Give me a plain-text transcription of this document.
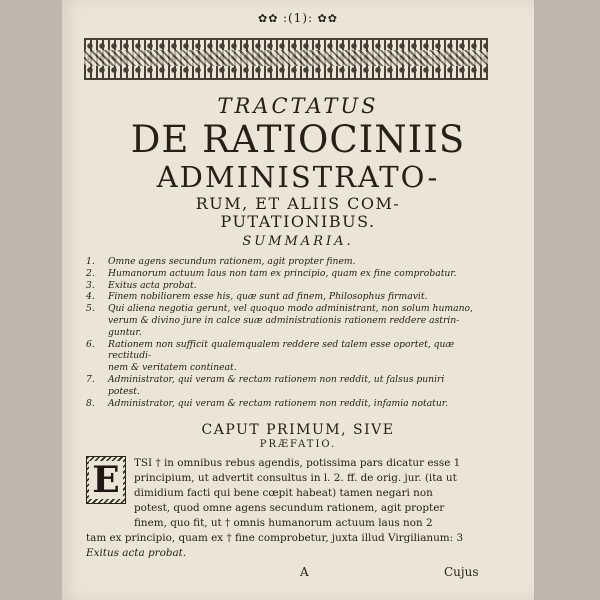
✿✿ :(1): ✿✿
TRACTATUS
DE RATIOCINIIS
ADMINISTRATO-
RUM, ET ALIIS COM-
PUTATIONIBUS.
SUMMARIA.
1.	Omne agens secundum rationem, agit propter finem.
2.	Humanorum actuum laus non tam ex principio, quam ex fine comprobatur.
3.	Exitus acta probat.
4.	Finem nobiliorem esse his, quæ sunt ad finem, Philosophus firmavit.
5.	Qui aliena negotia gerunt, vel quoquo modo administrant, non solum humano,
verum & divino jure in calce suæ administrationis rationem reddere astrin-
guntur.
6.	Rationem non sufficit qualemqualem reddere sed talem esse oportet, quæ rectitudi-
nem & veritatem contineat.
7.	Administrator, qui veram & rectam rationem non reddit, ut falsus puniri
potest.
8.	Administrator, qui veram & rectam rationem non reddit, infamia notatur.
CAPUT PRIMUM, SIVE
PRÆFATIO.
E TSI † in omnibus rebus agendis, potissima pars dicatur esse 1
principium, ut advertit consultus in l. 2. ff. de orig. jur. (ita ut
dimidium facti qui bene cœpit habeat) tamen negari non
potest, quod omne agens secundum rationem, agit propter
finem, quo fit, ut † omnis humanorum actuum laus non 2
tam ex principio, quam ex † fine comprobetur, juxta illud Virgilianum: 3
Exitus acta probat.
A	Cujus
